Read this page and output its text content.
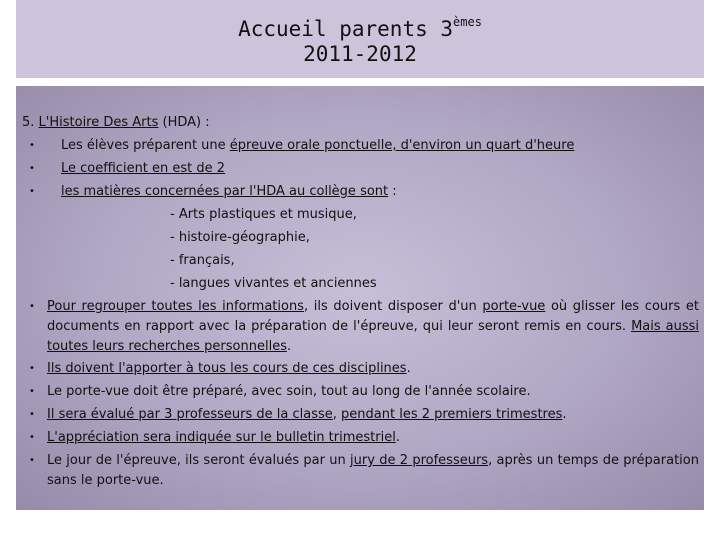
Accueil parents 3èmes
2011-2012
5. L'Histoire Des Arts (HDA) :
• Les élèves préparent une épreuve orale ponctuelle, d'environ un quart d'heure
• Le coefficient en est de 2
• les matières concernées par l'HDA au collège sont :
- Arts plastiques et musique,
- histoire-géographie,
- français,
- langues vivantes et anciennes
• Pour regrouper toutes les informations, ils doivent disposer d'un porte-vue où glisser les cours et documents en rapport avec la préparation de l'épreuve, qui leur seront remis en cours. Mais aussi toutes leurs recherches personnelles.
• Ils doivent l'apporter à tous les cours de ces disciplines.
• Le porte-vue doit être préparé, avec soin, tout au long de l'année scolaire.
• Il sera évalué par 3 professeurs de la classe, pendant les 2 premiers trimestres.
• L'appréciation sera indiquée sur le bulletin trimestriel.
• Le jour de l'épreuve, ils seront évalués par un jury de 2 professeurs, après un temps de préparation sans le porte-vue.
